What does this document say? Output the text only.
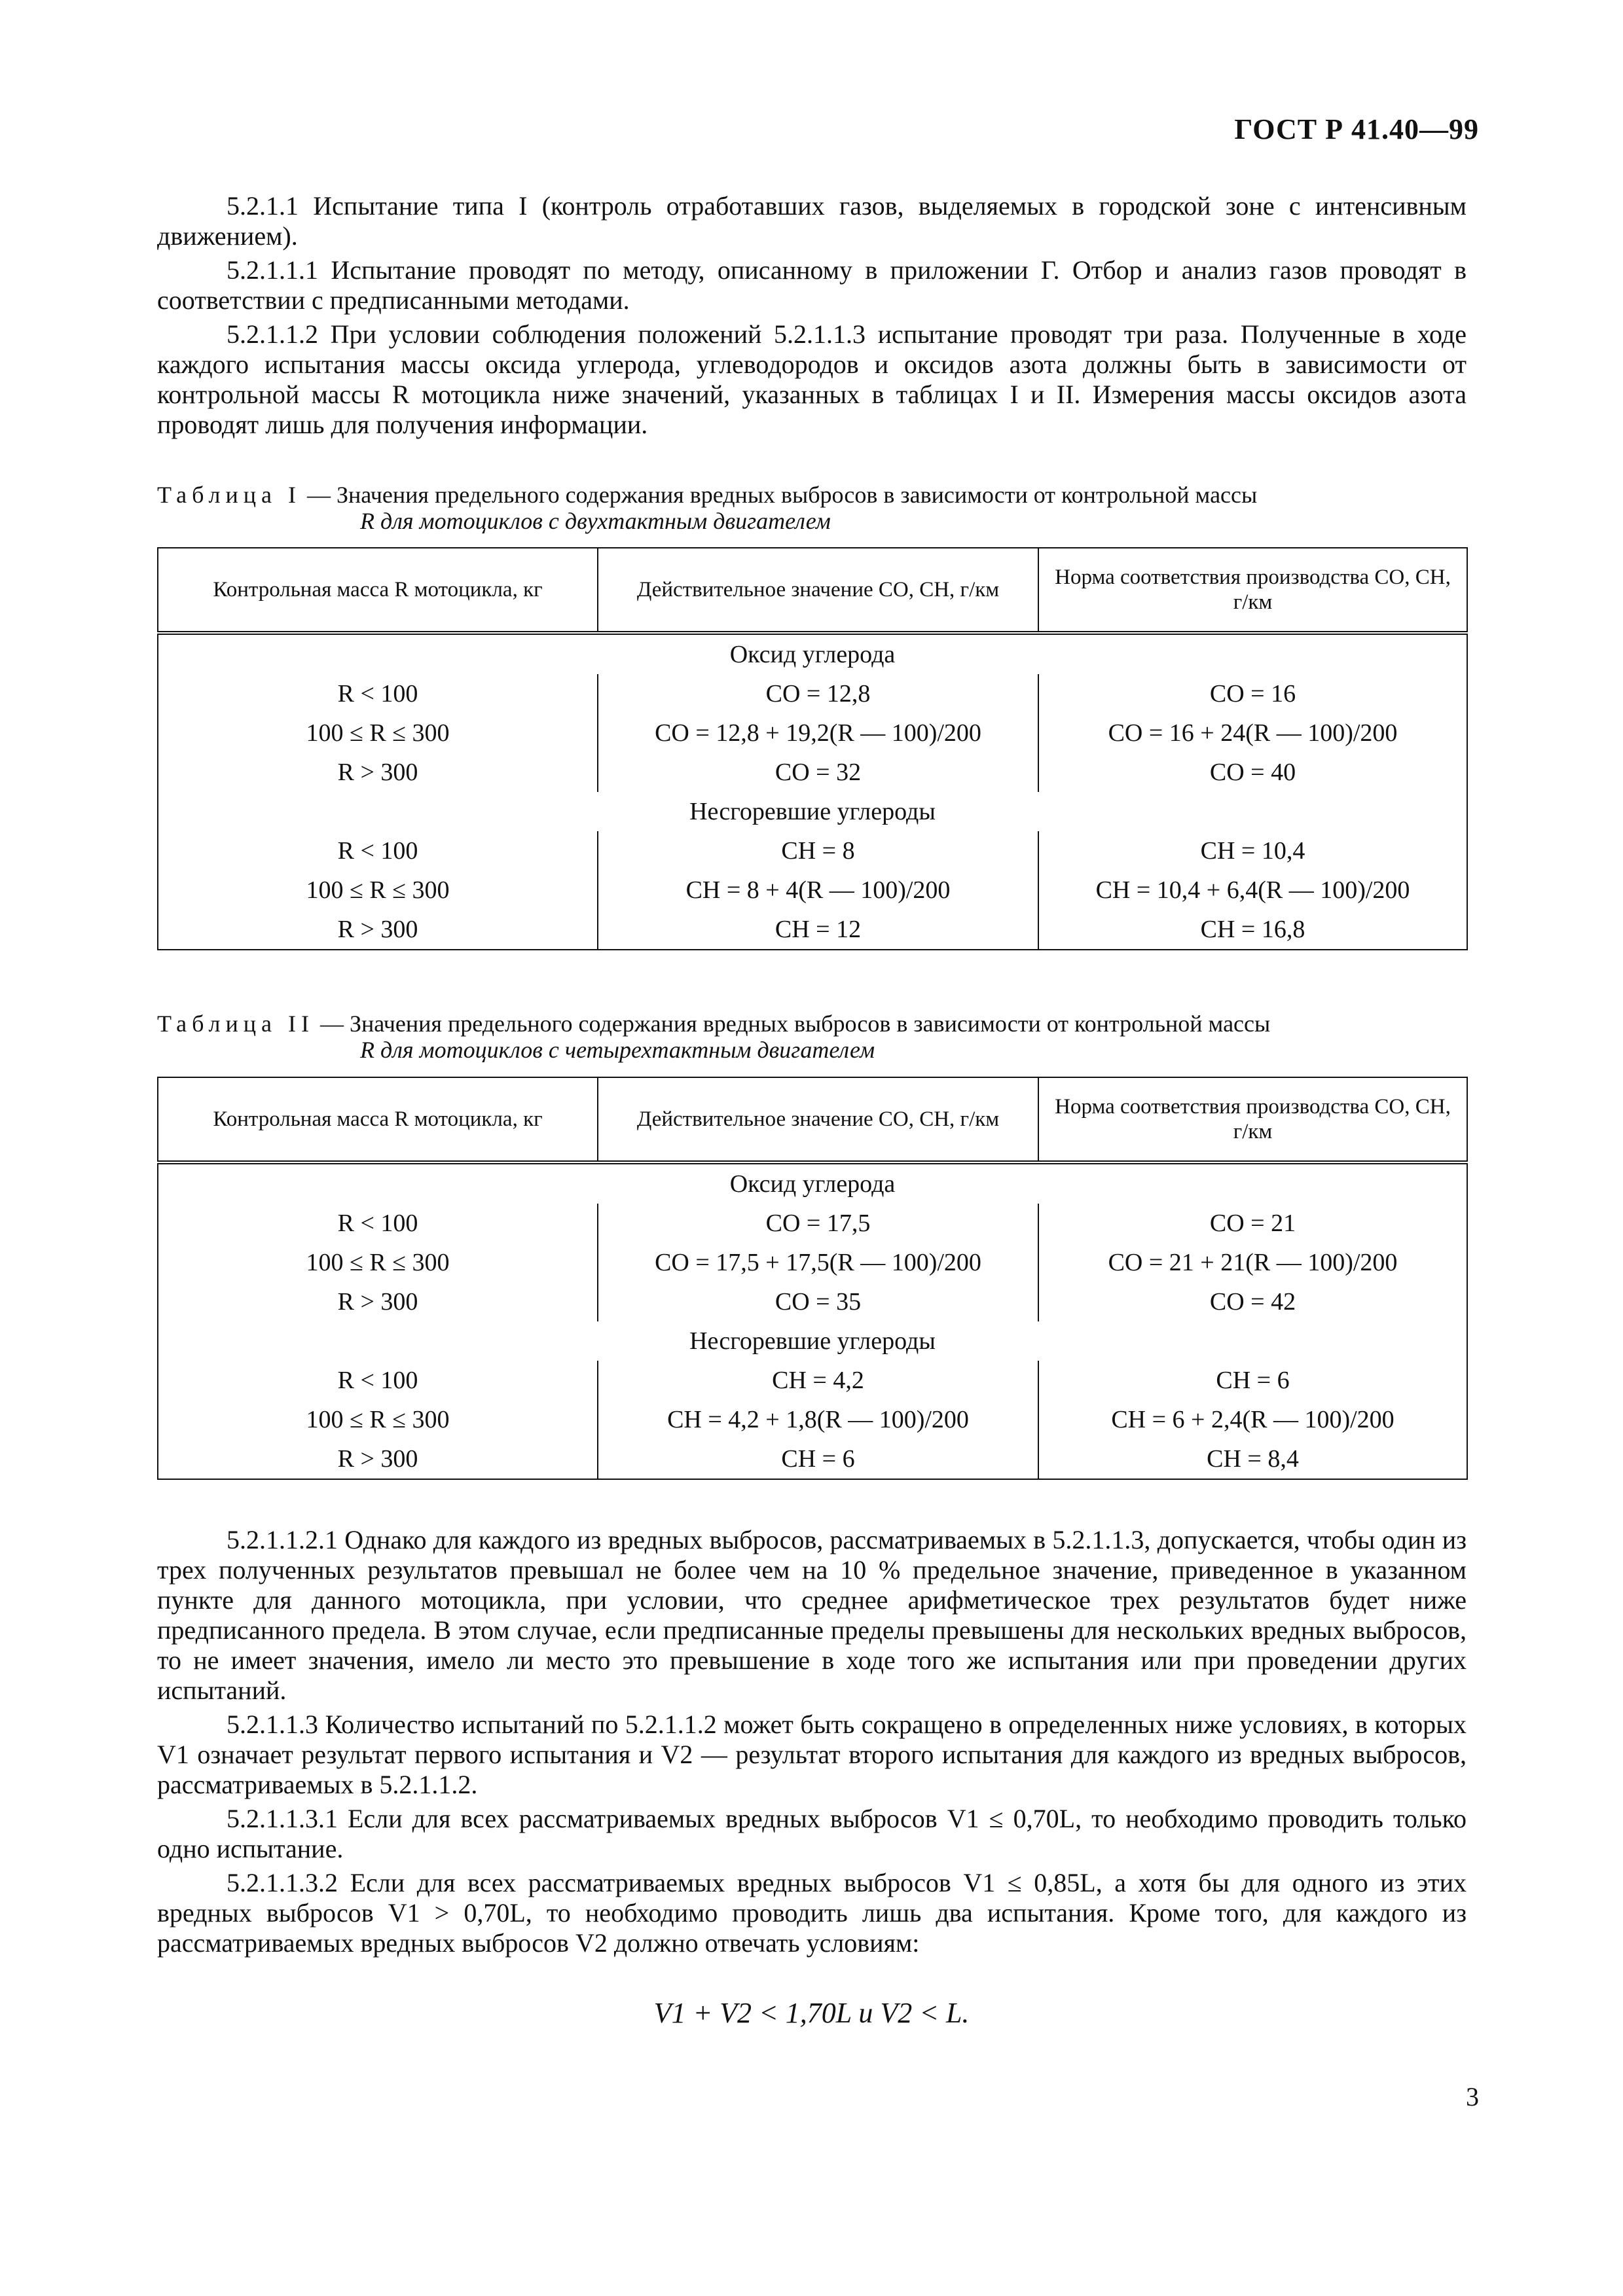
ГОСТ Р 41.40—99

5.2.1.1 Испытание типа I (контроль отработавших газов, выделяемых в городской зоне с интенсивным движением).

5.2.1.1.1 Испытание проводят по методу, описанному в приложении Г. Отбор и анализ газов проводят в соответствии с предписанными методами.

5.2.1.1.2 При условии соблюдения положений 5.2.1.1.3 испытание проводят три раза. Полученные в ходе каждого испытания массы оксида углерода, углеводородов и оксидов азота должны быть в зависимости от контрольной массы R мотоцикла ниже значений, указанных в таблицах I и II. Измерения массы оксидов азота проводят лишь для получения информации.

Таблица I — Значения предельного содержания вредных выбросов в зависимости от контрольной массы
R для мотоциклов с двухтактным двигателем
Контрольная масса R мотоцикла, кг	Действительное значение СО, СН, г/км	Норма соответствия производства СО, СН, г/км
Оксид углерода		
R < 100	CO = 12,8	CO = 16
100 ≤ R ≤ 300	CO = 12,8 + 19,2(R — 100)/200	CO = 16 + 24(R — 100)/200
R > 300	CO = 32	CO = 40
Несгоревшие углероды		
R < 100	CH = 8	CH = 10,4
100 ≤ R ≤ 300	CH = 8 + 4(R — 100)/200	CH = 10,4 + 6,4(R — 100)/200
R > 300	CH = 12	CH = 16,8
Таблица II — Значения предельного содержания вредных выбросов в зависимости от контрольной массы
R для мотоциклов с четырехтактным двигателем
Контрольная масса R мотоцикла, кг	Действительное значение СО, СН, г/км	Норма соответствия производства СО, СН, г/км
Оксид углерода		
R < 100	CO = 17,5	CO = 21
100 ≤ R ≤ 300	CO = 17,5 + 17,5(R — 100)/200	CO = 21 + 21(R — 100)/200
R > 300	CO = 35	CO = 42
Несгоревшие углероды		
R < 100	CH = 4,2	CH = 6
100 ≤ R ≤ 300	CH = 4,2 + 1,8(R — 100)/200	CH = 6 + 2,4(R — 100)/200
R > 300	CH = 6	CH = 8,4

5.2.1.1.2.1 Однако для каждого из вредных выбросов, рассматриваемых в 5.2.1.1.3, допускается, чтобы один из трех полученных результатов превышал не более чем на 10 % предельное значение, приведенное в указанном пункте для данного мотоцикла, при условии, что среднее арифметическое трех результатов будет ниже предписанного предела. В этом случае, если предписанные пределы превышены для нескольких вредных выбросов, то не имеет значения, имело ли место это превышение в ходе того же испытания или при проведении других испытаний.

5.2.1.1.3 Количество испытаний по 5.2.1.1.2 может быть сокращено в определенных ниже условиях, в которых V1 означает результат первого испытания и V2 — результат второго испытания для каждого из вредных выбросов, рассматриваемых в 5.2.1.1.2.

5.2.1.1.3.1 Если для всех рассматриваемых вредных выбросов V1 ≤ 0,70L, то необходимо проводить только одно испытание.

5.2.1.1.3.2 Если для всех рассматриваемых вредных выбросов V1 ≤ 0,85L, а хотя бы для одного из этих вредных выбросов V1 > 0,70L, то необходимо проводить лишь два испытания. Кроме того, для каждого из рассматриваемых вредных выбросов V2 должно отвечать условиям:

V1 + V2 < 1,70L и V2 < L.
3
